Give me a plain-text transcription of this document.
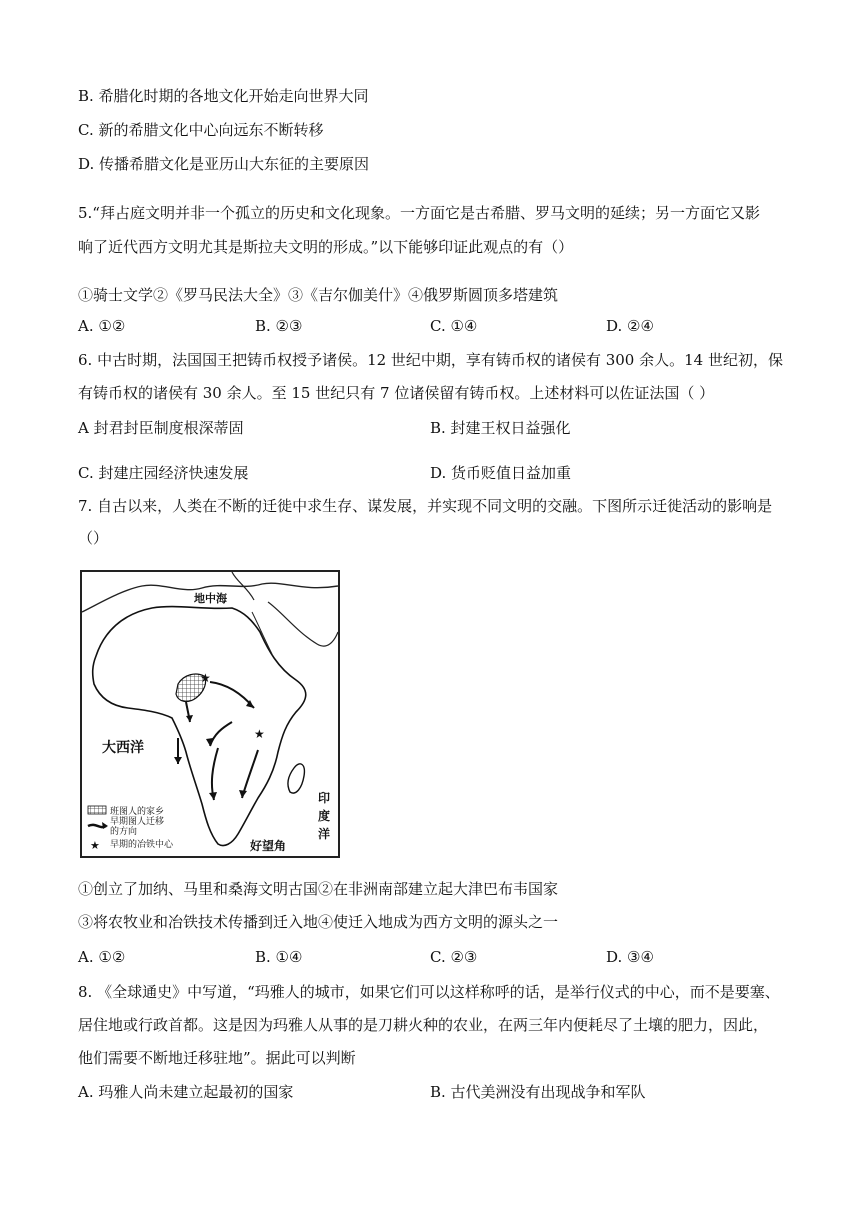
B. 希腊化时期的各地文化开始走向世界大同
C. 新的希腊文化中心向远东不断转移
D. 传播希腊文化是亚历山大东征的主要原因
5.“拜占庭文明并非一个孤立的历史和文化现象。一方面它是古希腊、罗马文明的延续；另一方面它又影
响了近代西方文明尤其是斯拉夫文明的形成。”以下能够印证此观点的有（）
①骑士文学②《罗马民法大全》③《吉尔伽美什》④俄罗斯圆顶多塔建筑
A. ①②	B. ②③	C. ①④	D. ②④
6. 中古时期，法国国王把铸币权授予诸侯。12 世纪中期，享有铸币权的诸侯有 300 余人。14 世纪初，保
有铸币权的诸侯有 30 余人。至 15 世纪只有 7 位诸侯留有铸币权。上述材料可以佐证法国（ ）
A 封君封臣制度根深蒂固	B. 封建王权日益强化
C. 封建庄园经济快速发展	D. 货币贬值日益加重
7. 自古以来，人类在不断的迁徙中求生存、谋发展，并实现不同文明的交融。下图所示迁徙活动的影响是
（）
★
★
地中海
大西洋
印
度
洋
好望角
班图人的家乡
早期图人迁移
的方向
★ 早期的冶铁中心
①创立了加纳、马里和桑海文明古国②在非洲南部建立起大津巴布韦国家
③将农牧业和冶铁技术传播到迁入地④使迁入地成为西方文明的源头之一
A. ①②	B. ①④	C. ②③	D. ③④
8. 《全球通史》中写道，“玛雅人的城市，如果它们可以这样称呼的话，是举行仪式的中心，而不是要塞、
居住地或行政首都。这是因为玛雅人从事的是刀耕火种的农业，在两三年内便耗尽了土壤的肥力，因此，
他们需要不断地迁移驻地”。据此可以判断
A. 玛雅人尚未建立起最初的国家	B. 古代美洲没有出现战争和军队
